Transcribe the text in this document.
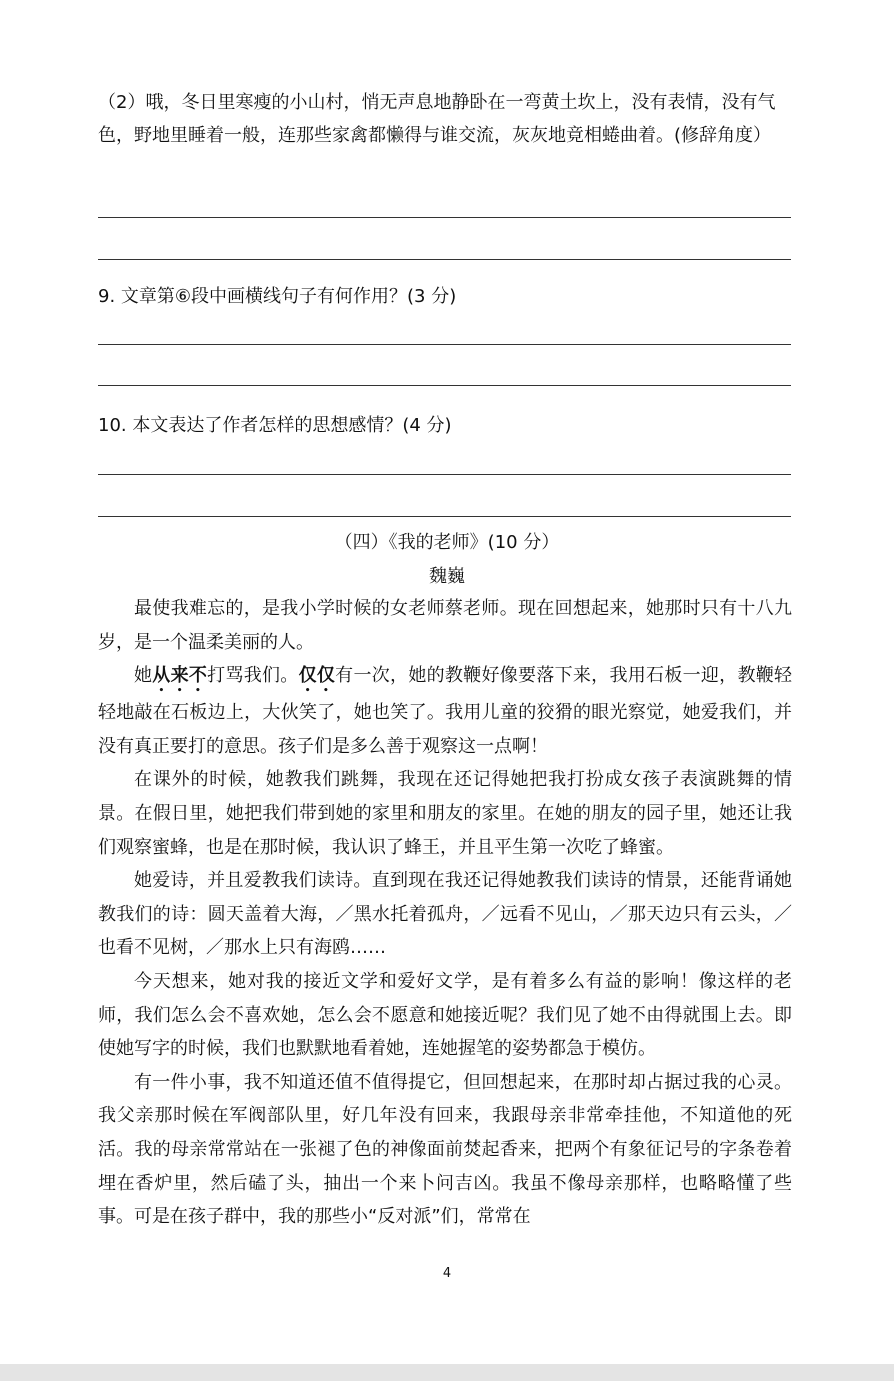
（2）哦，冬日里寒瘦的小山村，悄无声息地静卧在一弯黄土坎上，没有表情，没有气色，野地里睡着一般，连那些家禽都懒得与谁交流，灰灰地竟相蜷曲着。(修辞角度）

9. 文章第⑥段中画横线句子有何作用？(3 分)

10. 本文表达了作者怎样的思想感情？(4 分)

（四）《我的老师》(10 分）

魏巍

最使我难忘的，是我小学时候的女老师蔡老师。现在回想起来，她那时只有十八九岁，是一个温柔美丽的人。

她从来不打骂我们。仅仅有一次，她的教鞭好像要落下来，我用石板一迎，教鞭轻轻地敲在石板边上，大伙笑了，她也笑了。我用儿童的狡猾的眼光察觉，她爱我们，并没有真正要打的意思。孩子们是多么善于观察这一点啊！

在课外的时候，她教我们跳舞，我现在还记得她把我打扮成女孩子表演跳舞的情景。在假日里，她把我们带到她的家里和朋友的家里。在她的朋友的园子里，她还让我们观察蜜蜂，也是在那时候，我认识了蜂王，并且平生第一次吃了蜂蜜。

她爱诗，并且爱教我们读诗。直到现在我还记得她教我们读诗的情景，还能背诵她教我们的诗：圆天盖着大海，／黑水托着孤舟，／远看不见山，／那天边只有云头，／也看不见树，／那水上只有海鸥……

今天想来，她对我的接近文学和爱好文学，是有着多么有益的影响！像这样的老师，我们怎么会不喜欢她，怎么会不愿意和她接近呢？我们见了她不由得就围上去。即使她写字的时候，我们也默默地看着她，连她握笔的姿势都急于模仿。

有一件小事，我不知道还值不值得提它，但回想起来，在那时却占据过我的心灵。我父亲那时候在军阀部队里，好几年没有回来，我跟母亲非常牵挂他，不知道他的死活。我的母亲常常站在一张褪了色的神像面前焚起香来，把两个有象征记号的字条卷着埋在香炉里，然后磕了头，抽出一个来卜问吉凶。我虽不像母亲那样，也略略懂了些事。可是在孩子群中，我的那些小“反对派”们，常常在

4
